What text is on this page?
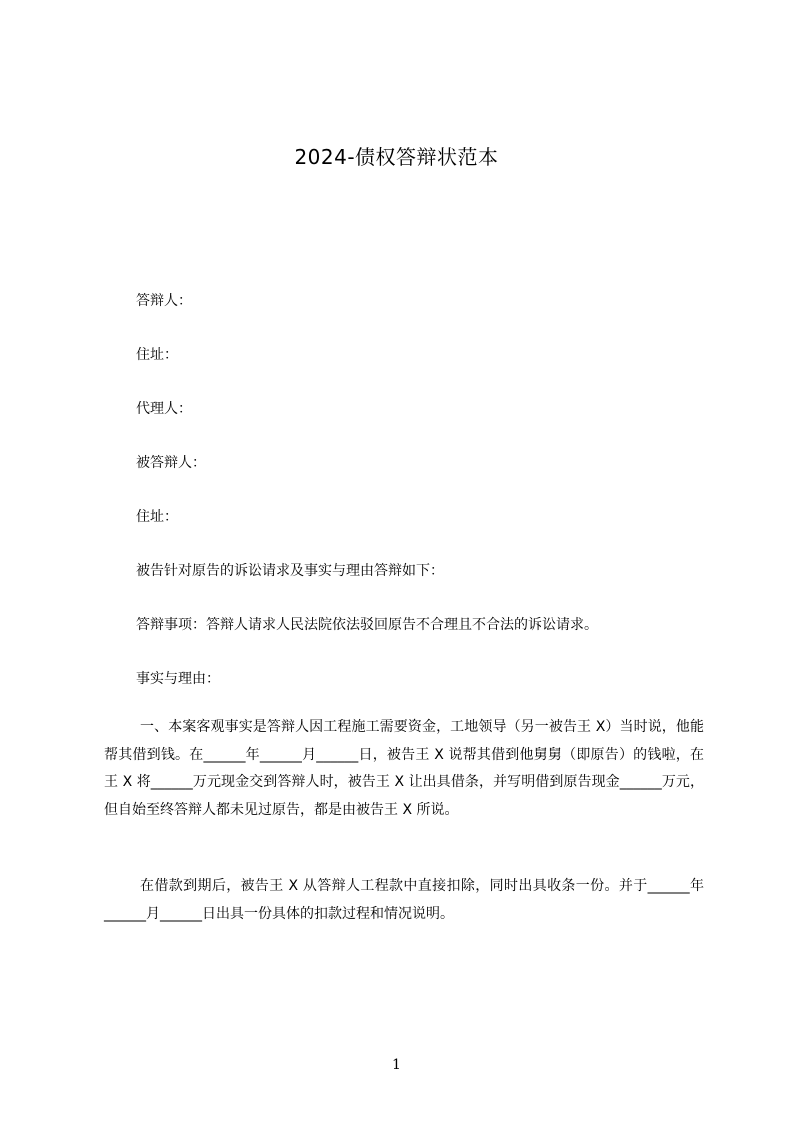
2024-债权答辩状范本
答辩人：
住址：
代理人：
被答辩人：
住址：
被告针对原告的诉讼请求及事实与理由答辩如下：
答辩事项：答辩人请求人民法院依法驳回原告不合理且不合法的诉讼请求。
事实与理由：
一、本案客观事实是答辩人因工程施工需要资金，工地领导（另一被告王 X）当时说，他能帮其借到钱。在______年______月______日，被告王 X 说帮其借到他舅舅（即原告）的钱啦，在王 X 将______万元现金交到答辩人时，被告王 X 让出具借条，并写明借到原告现金______万元，但自始至终答辩人都未见过原告，都是由被告王 X 所说。
在借款到期后，被告王 X 从答辩人工程款中直接扣除，同时出具收条一份。并于______年______月______日出具一份具体的扣款过程和情况说明。
1
